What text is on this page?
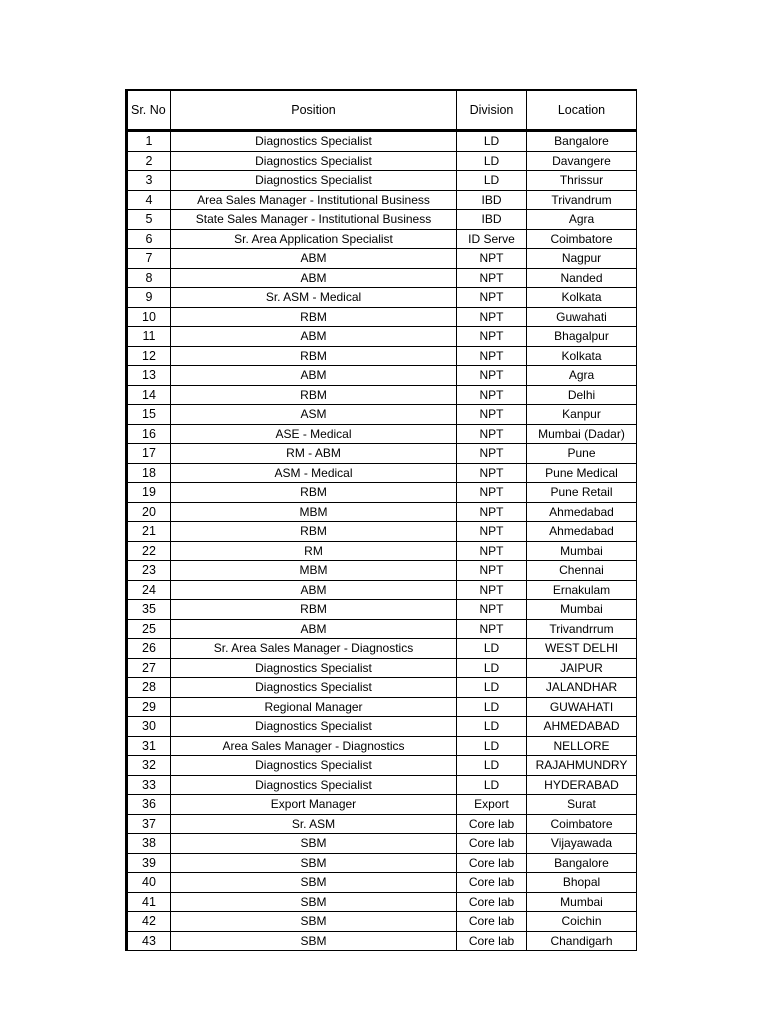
Sr. No	Position	Division	Location
1	Diagnostics Specialist	LD	Bangalore
2	Diagnostics Specialist	LD	Davangere
3	Diagnostics Specialist	LD	Thrissur
4	Area Sales Manager - Institutional Business	IBD	Trivandrum
5	State Sales Manager - Institutional Business	IBD	Agra
6	Sr. Area Application Specialist	ID Serve	Coimbatore
7	ABM	NPT	Nagpur
8	ABM	NPT	Nanded
9	Sr. ASM - Medical	NPT	Kolkata
10	RBM	NPT	Guwahati
11	ABM	NPT	Bhagalpur
12	RBM	NPT	Kolkata
13	ABM	NPT	Agra
14	RBM	NPT	Delhi
15	ASM	NPT	Kanpur
16	ASE - Medical	NPT	Mumbai (Dadar)
17	RM - ABM	NPT	Pune
18	ASM - Medical	NPT	Pune Medical
19	RBM	NPT	Pune Retail
20	MBM	NPT	Ahmedabad
21	RBM	NPT	Ahmedabad
22	RM	NPT	Mumbai
23	MBM	NPT	Chennai
24	ABM	NPT	Ernakulam
35	RBM	NPT	Mumbai
25	ABM	NPT	Trivandrrum
26	Sr. Area Sales Manager - Diagnostics	LD	WEST DELHI
27	Diagnostics Specialist	LD	JAIPUR
28	Diagnostics Specialist	LD	JALANDHAR
29	Regional Manager	LD	GUWAHATI
30	Diagnostics Specialist	LD	AHMEDABAD
31	Area Sales Manager - Diagnostics	LD	NELLORE
32	Diagnostics Specialist	LD	RAJAHMUNDRY
33	Diagnostics Specialist	LD	HYDERABAD
36	Export Manager	Export	Surat
37	Sr. ASM	Core lab	Coimbatore
38	SBM	Core lab	Vijayawada
39	SBM	Core lab	Bangalore
40	SBM	Core lab	Bhopal
41	SBM	Core lab	Mumbai
42	SBM	Core lab	Coichin
43	SBM	Core lab	Chandigarh
